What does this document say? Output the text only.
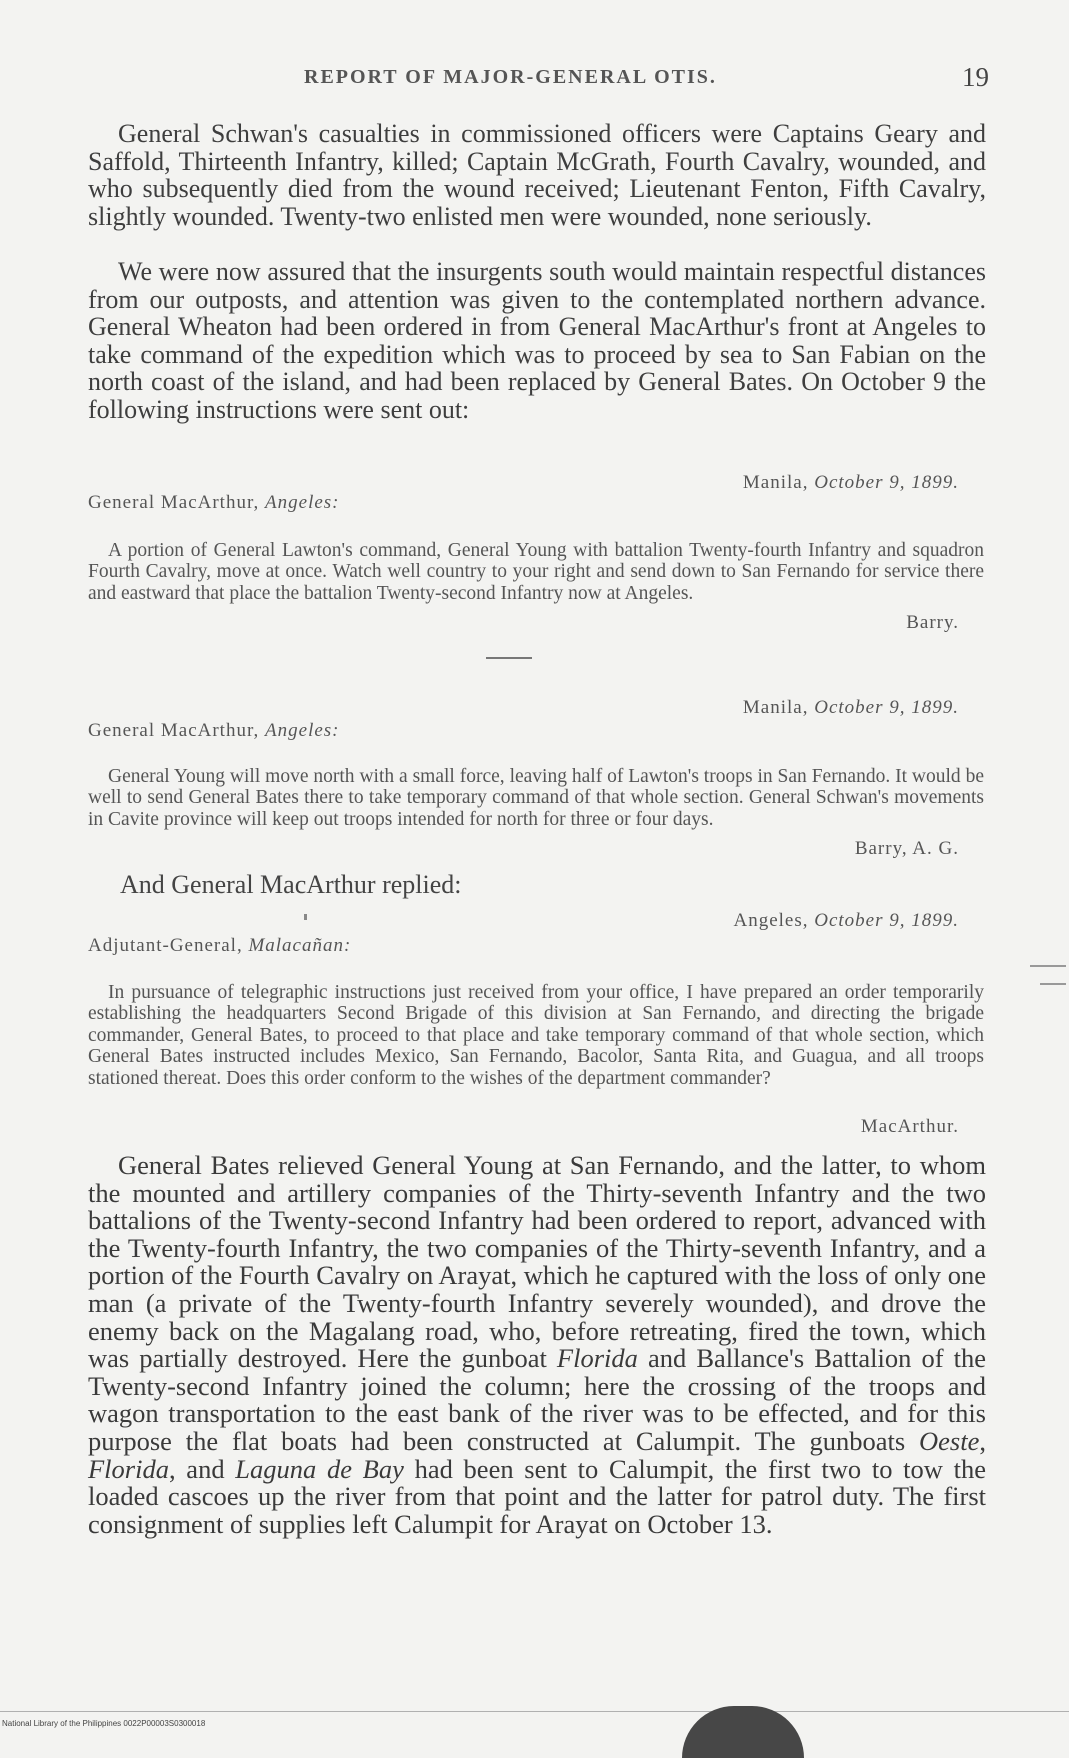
REPORT OF MAJOR-GENERAL OTIS.	19

General Schwan's casualties in commissioned officers were Captains Geary and Saffold, Thirteenth Infantry, killed; Captain McGrath, Fourth Cavalry, wounded, and who subsequently died from the wound received; Lieutenant Fenton, Fifth Cavalry, slightly wounded. Twenty-two enlisted men were wounded, none seriously.

We were now assured that the insurgents south would maintain respectful distances from our outposts, and attention was given to the contemplated northern advance. General Wheaton had been ordered in from General MacArthur's front at Angeles to take command of the expedition which was to proceed by sea to San Fabian on the north coast of the island, and had been replaced by General Bates. On October 9 the following instructions were sent out:

Manila, October 9, 1899.
General MacArthur, Angeles:

A portion of General Lawton's command, General Young with battalion Twenty-fourth Infantry and squadron Fourth Cavalry, move at once. Watch well country to your right and send down to San Fernando for service there and eastward that place the battalion Twenty-second Infantry now at Angeles.

Barry.
Manila, October 9, 1899.
General MacArthur, Angeles:

General Young will move north with a small force, leaving half of Lawton's troops in San Fernando. It would be well to send General Bates there to take temporary command of that whole section. General Schwan's movements in Cavite province will keep out troops intended for north for three or four days.

Barry, A. G.
And General MacArthur replied:
Angeles, October 9, 1899.
Adjutant-General, Malacañan:

In pursuance of telegraphic instructions just received from your office, I have prepared an order temporarily establishing the headquarters Second Brigade of this division at San Fernando, and directing the brigade commander, General Bates, to proceed to that place and take temporary command of that whole section, which General Bates instructed includes Mexico, San Fernando, Bacolor, Santa Rita, and Guagua, and all troops stationed thereat. Does this order conform to the wishes of the department commander?

MacArthur.

General Bates relieved General Young at San Fernando, and the latter, to whom the mounted and artillery companies of the Thirty-seventh Infantry and the two battalions of the Twenty-second Infantry had been ordered to report, advanced with the Twenty-fourth Infantry, the two companies of the Thirty-seventh Infantry, and a portion of the Fourth Cavalry on Arayat, which he captured with the loss of only one man (a private of the Twenty-fourth Infantry severely wounded), and drove the enemy back on the Magalang road, who, before retreating, fired the town, which was partially destroyed. Here the gunboat Florida and Ballance's Battalion of the Twenty-second Infantry joined the column; here the crossing of the troops and wagon transportation to the east bank of the river was to be effected, and for this purpose the flat boats had been constructed at Calumpit. The gunboats Oeste, Florida, and Laguna de Bay had been sent to Calumpit, the first two to tow the loaded cascoes up the river from that point and the latter for patrol duty. The first consignment of supplies left Calumpit for Arayat on October 13.

National Library of the Philippines 0022P00003S0300018
